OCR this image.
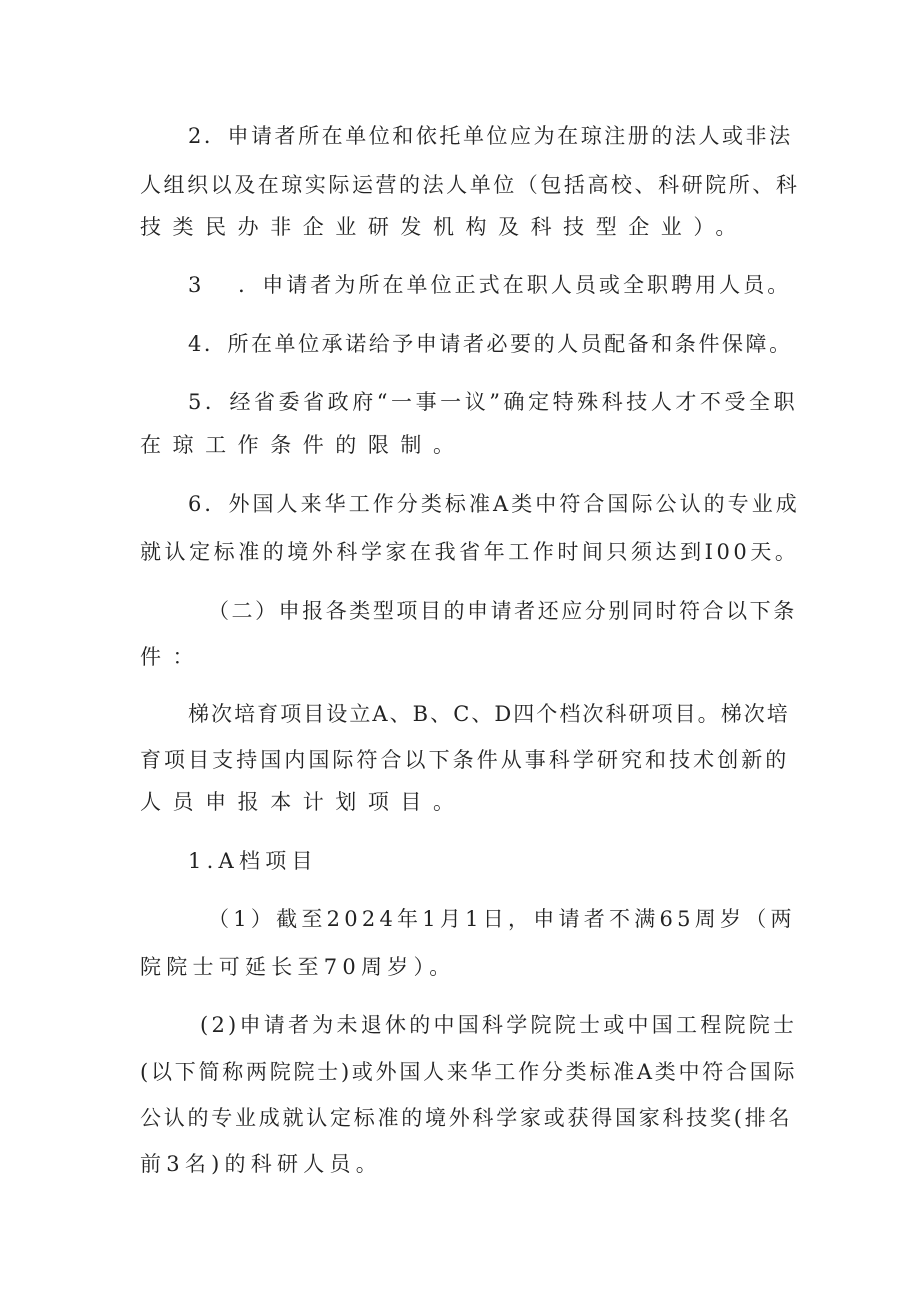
2．申请者所在单位和依托单位应为在琼注册的法人或非法
人组织以及在琼实际运营的法人单位（包括高校、科研院所、科
技类民办非企业研发机构及科技型企业）。
3　 ．申请者为所在单位正式在职人员或全职聘用人员。
4．所在单位承诺给予申请者必要的人员配备和条件保障。
5．经省委省政府“一事一议”确定特殊科技人才不受全职
在琼工作条件的限制。
6．外国人来华工作分类标准A类中符合国际公认的专业成
就认定标准的境外科学家在我省年工作时间只须达到I00天。
（二）申报各类型项目的申请者还应分别同时符合以下条
件：
梯次培育项目设立A、B、C、D四个档次科研项目。梯次培
育项目支持国内国际符合以下条件从事科学研究和技术创新的
人员申报本计划项目。
1.A档项目
（1）截至2024年1月1日，申请者不满65周岁（两
院院士可延长至70周岁）。
(2)申请者为未退休的中国科学院院士或中国工程院院士
(以下简称两院院士)或外国人来华工作分类标准A类中符合国际
公认的专业成就认定标准的境外科学家或获得国家科技奖(排名
前3名)的科研人员。
